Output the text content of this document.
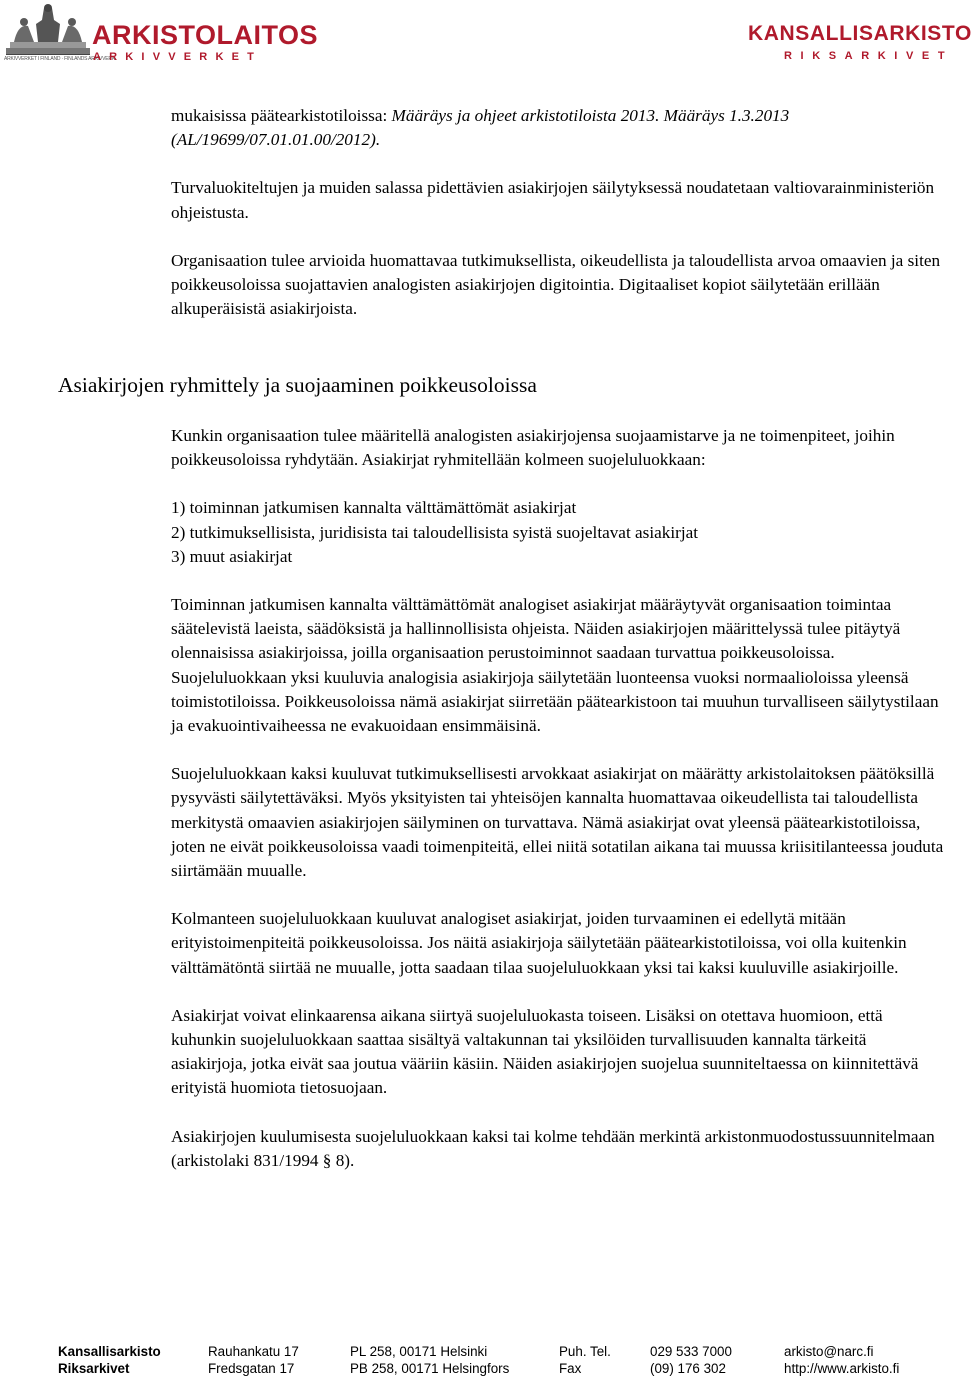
ARKIVVERKET I FINLAND · FINLANDS ARKIVVERK
ARKISTOLAITOS
ARKIVVERKET
KANSALLISARKISTO
RIKSARKIVET

mukaisissa päätearkistotiloissa: Määräys ja ohjeet arkistotiloista 2013. Määräys 1.3.2013 (AL/19699/07.01.01.00/2012).

Turvaluokiteltujen ja muiden salassa pidettävien asiakirjojen säilytyksessä noudatetaan valtiovarainministeriön ohjeistusta.

Organisaation tulee arvioida huomattavaa tutkimuksellista, oikeudellista ja taloudellista arvoa omaavien ja siten poikkeusoloissa suojattavien analogisten asiakirjojen digitointia. Digitaaliset kopiot säilytetään erillään alkuperäisistä asiakirjoista.

Asiakirjojen ryhmittely ja suojaaminen poikkeusoloissa

Kunkin organisaation tulee määritellä analogisten asiakirjojensa suojaamistarve ja ne toimenpiteet, joihin poikkeusoloissa ryhdytään. Asiakirjat ryhmitellään kolmeen suojeluluokkaan:

1) toiminnan jatkumisen kannalta välttämättömät asiakirjat
2) tutkimuksellisista, juridisista tai taloudellisista syistä suojeltavat asiakirjat
3) muut asiakirjat

Toiminnan jatkumisen kannalta välttämättömät analogiset asiakirjat määräytyvät organisaation toimintaa säätelevistä laeista, säädöksistä ja hallinnollisista ohjeista. Näiden asiakirjojen määrittelyssä tulee pitäytyä olennaisissa asiakirjoissa, joilla organisaation perustoiminnot saadaan turvattua poikkeusoloissa. Suojeluluokkaan yksi kuuluvia analogisia asiakirjoja säilytetään luonteensa vuoksi normaalioloissa yleensä toimistotiloissa. Poikkeusoloissa nämä asiakirjat siirretään päätearkistoon tai muuhun turvalliseen säilytystilaan ja evakuointivaiheessa ne evakuoidaan ensimmäisinä.

Suojeluluokkaan kaksi kuuluvat tutkimuksellisesti arvokkaat asiakirjat on määrätty arkistolaitoksen päätöksillä pysyvästi säilytettäväksi. Myös yksityisten tai yhteisöjen kannalta huomattavaa oikeudellista tai taloudellista merkitystä omaavien asiakirjojen säilyminen on turvattava. Nämä asiakirjat ovat yleensä päätearkistotiloissa, joten ne eivät poikkeusoloissa vaadi toimenpiteitä, ellei niitä sotatilan aikana tai muussa kriisitilanteessa jouduta siirtämään muualle.

Kolmanteen suojeluluokkaan kuuluvat analogiset asiakirjat, joiden turvaaminen ei edellytä mitään erityistoimenpiteitä poikkeusoloissa. Jos näitä asiakirjoja säilytetään päätearkistotiloissa, voi olla kuitenkin välttämätöntä siirtää ne muualle, jotta saadaan tilaa suojeluluokkaan yksi tai kaksi kuuluville asiakirjoille.

Asiakirjat voivat elinkaarensa aikana siirtyä suojeluluokasta toiseen. Lisäksi on otettava huomioon, että kuhunkin suojeluluokkaan saattaa sisältyä valtakunnan tai yksilöiden turvallisuuden kannalta tärkeitä asiakirjoja, jotka eivät saa joutua vääriin käsiin. Näiden asiakirjojen suojelua suunniteltaessa on kiinnitettävä erityistä huomiota tietosuojaan.

Asiakirjojen kuulumisesta suojeluluokkaan kaksi tai kolme tehdään merkintä arkistonmuodostussuunnitelmaan (arkistolaki 831/1994 § 8).

Kansallisarkisto	Rauhankatu 17	PL 258, 00171 Helsinki	Puh. Tel.	029 533 7000	arkisto@narc.fi
Riksarkivet	Fredsgatan 17	PB 258, 00171 Helsingfors	Fax	(09) 176 302	http://www.arkisto.fi
